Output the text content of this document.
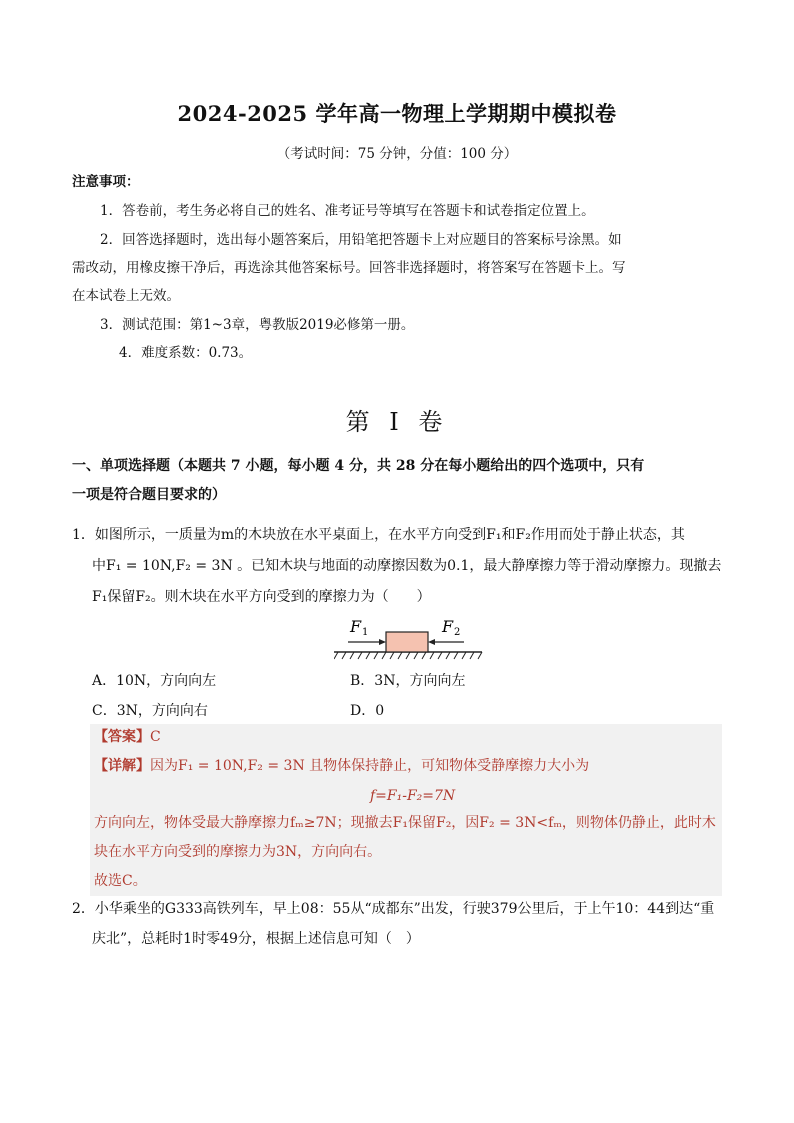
2024-2025 学年高一物理上学期期中模拟卷
（考试时间：75 分钟，分值：100 分）
注意事项：
1．答卷前，考生务必将自己的姓名、准考证号等填写在答题卡和试卷指定位置上。
2．回答选择题时，选出每小题答案后，用铅笔把答题卡上对应题目的答案标号涂黑。如
需改动，用橡皮擦干净后，再选涂其他答案标号。回答非选择题时，将答案写在答题卡上。写
在本试卷上无效。
3．测试范围：第1~3章，粤教版2019必修第一册。
4．难度系数：0.73。
第 I 卷
一、单项选择题（本题共 7 小题，每小题 4 分，共 28 分在每小题给出的四个选项中，只有
一项是符合题目要求的）
1．如图所示，一质量为m的木块放在水平桌面上，在水平方向受到F₁和F₂作用而处于静止状态，其
中F₁ = 10N,F₂ = 3N 。已知木块与地面的动摩擦因数为0.1，最大静摩擦力等于滑动摩擦力。现撤去
F₁保留F₂。则木块在水平方向受到的摩擦力为（　　）
F 1	F 2
A．10N，方向向左	B．3N，方向向左
C．3N，方向向右	D．0
【答案】C
【详解】因为F₁ = 10N,F₂ = 3N 且物体保持静止，可知物体受静摩擦力大小为
f=F₁-F₂=7N
方向向左，物体受最大静摩擦力fₘ≥7N；现撤去F₁保留F₂，因F₂ = 3N<fₘ，则物体仍静止，此时木
块在水平方向受到的摩擦力为3N，方向向右。
故选C。
2．小华乘坐的G333高铁列车，早上08：55从“成都东”出发，行驶379公里后，于上午10：44到达“重
庆北”，总耗时1时零49分，根据上述信息可知（　）
